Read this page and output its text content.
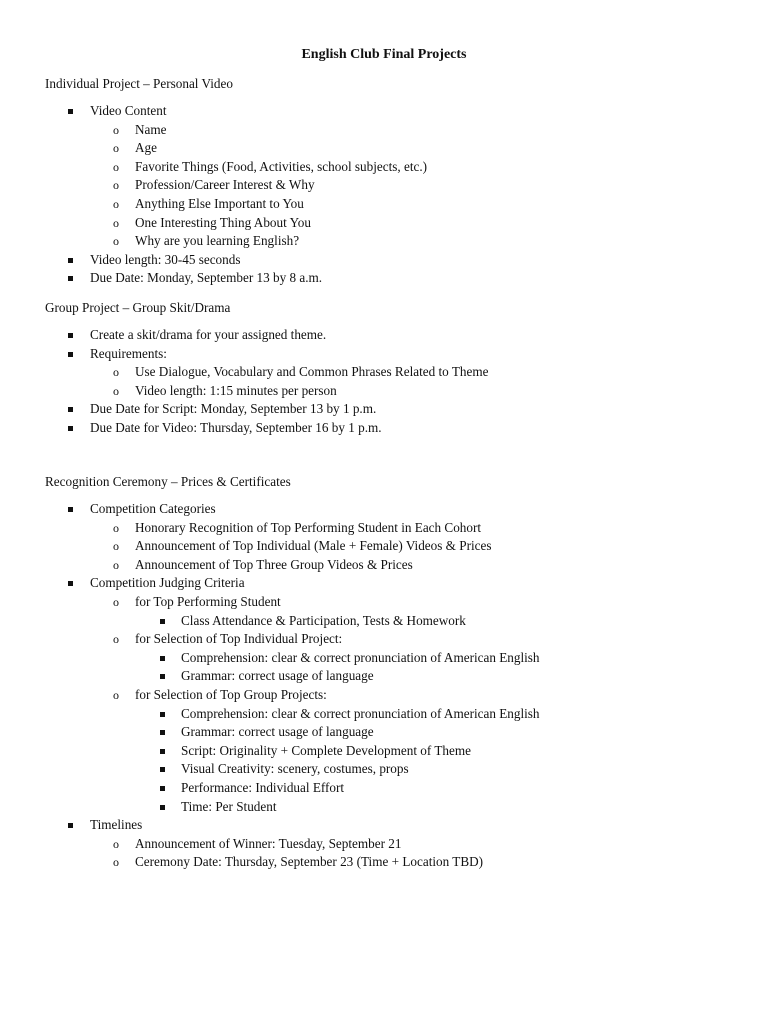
English Club Final Projects
Individual Project – Personal Video
Video Content
o Name
o Age
o Favorite Things (Food, Activities, school subjects, etc.)
o Profession/Career Interest & Why
o Anything Else Important to You
o One Interesting Thing About You
o Why are you learning English?
Video length: 30-45 seconds
Due Date: Monday, September 13 by 8 a.m.
Group Project – Group Skit/Drama
Create a skit/drama for your assigned theme.
Requirements:
o Use Dialogue, Vocabulary and Common Phrases Related to Theme
o Video length: 1:15 minutes per person
Due Date for Script: Monday, September 13 by 1 p.m.
Due Date for Video: Thursday, September 16 by 1 p.m.
Recognition Ceremony – Prices & Certificates
Competition Categories
o Honorary Recognition of Top Performing Student in Each Cohort
o Announcement of Top Individual (Male + Female) Videos & Prices
o Announcement of Top Three Group Videos & Prices
Competition Judging Criteria
o for Top Performing Student
Class Attendance & Participation, Tests & Homework
o for Selection of Top Individual Project:
Comprehension: clear & correct pronunciation of American English
Grammar: correct usage of language
o for Selection of Top Group Projects:
Comprehension: clear & correct pronunciation of American English
Grammar: correct usage of language
Script: Originality + Complete Development of Theme
Visual Creativity: scenery, costumes, props
Performance: Individual Effort
Time: Per Student
Timelines
o Announcement of Winner: Tuesday, September 21
o Ceremony Date: Thursday, September 23 (Time + Location TBD)
